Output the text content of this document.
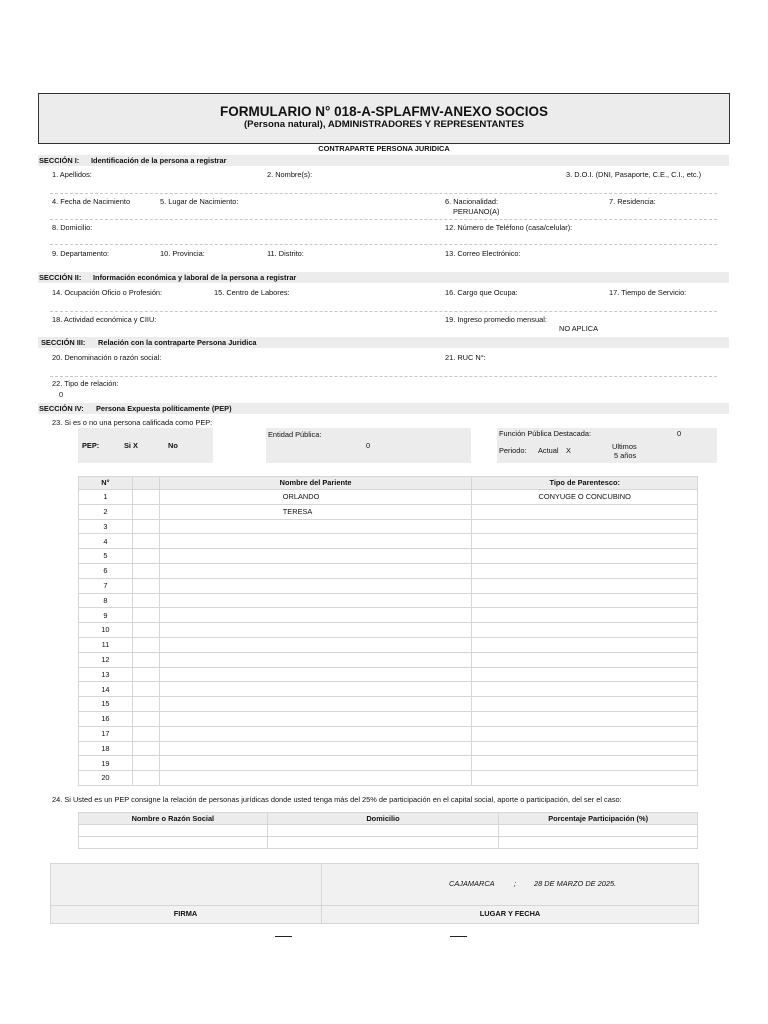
FORMULARIO N° 018-A-SPLAFMV-ANEXO SOCIOS
(Persona natural), ADMINISTRADORES Y REPRESENTANTES
CONTRAPARTE PERSONA JURIDICA
SECCIÓN I: Identificación de la persona a registrar
1. Apellidos:	2. Nombre(s):	3. D.O.I. (DNI, Pasaporte, C.E., C.I., etc.)
4. Fecha de Nacimiento	5. Lugar de Nacimiento:	6. Nacionalidad:
PERUANO(A)
7. Residencia:
8. Domicilio:	12. Número de Teléfono (casa/celular):
9. Departamento:	10. Provincia:	11. Distrito:	13. Correo Electrónico:
SECCIÓN II: Información económica y laboral de la persona a registrar
14. Ocupación Oficio o Profesión:	15. Centro de Labores:	16. Cargo que Ocupa:	17. Tiempo de Servicio:
18. Actividad económica y CIIU:	19. Ingreso promedio mensual:
NO APLICA
SECCIÓN III: Relación con la contraparte Persona Juridica
20. Denominación o razón social:	21. RUC N°:
22. Tipo de relación:
0
SECCIÓN IV: Persona Expuesta políticamente (PEP)
23. Si es o no una persona calificada como PEP:
PEP:	Si X	No
Entidad Pública:
0
Función Pública Destacada:	0
Periodo: Actual X	Ultimos
5 años
N°		Nombre del Pariente	Tipo de Parentesco:
1		ORLANDO	CONYUGE O CONCUBINO
2		TERESA	
3			
4			
5			
6			
7			
8			
9			
10			
11			
12			
13			
14			
15			
16			
17			
18			
19			
20			
24. Si Usted es un PEP consigne la relación de personas jurídicas donde usted tenga más del 25% de participación en el capital social, aporte o participación, del ser el caso:
Nombre o Razón Social	Domicilio	Porcentaje Participación (%)

CAJAMARCA	; 28 DE MARZO DE 2025.
FIRMA	LUGAR Y FECHA
